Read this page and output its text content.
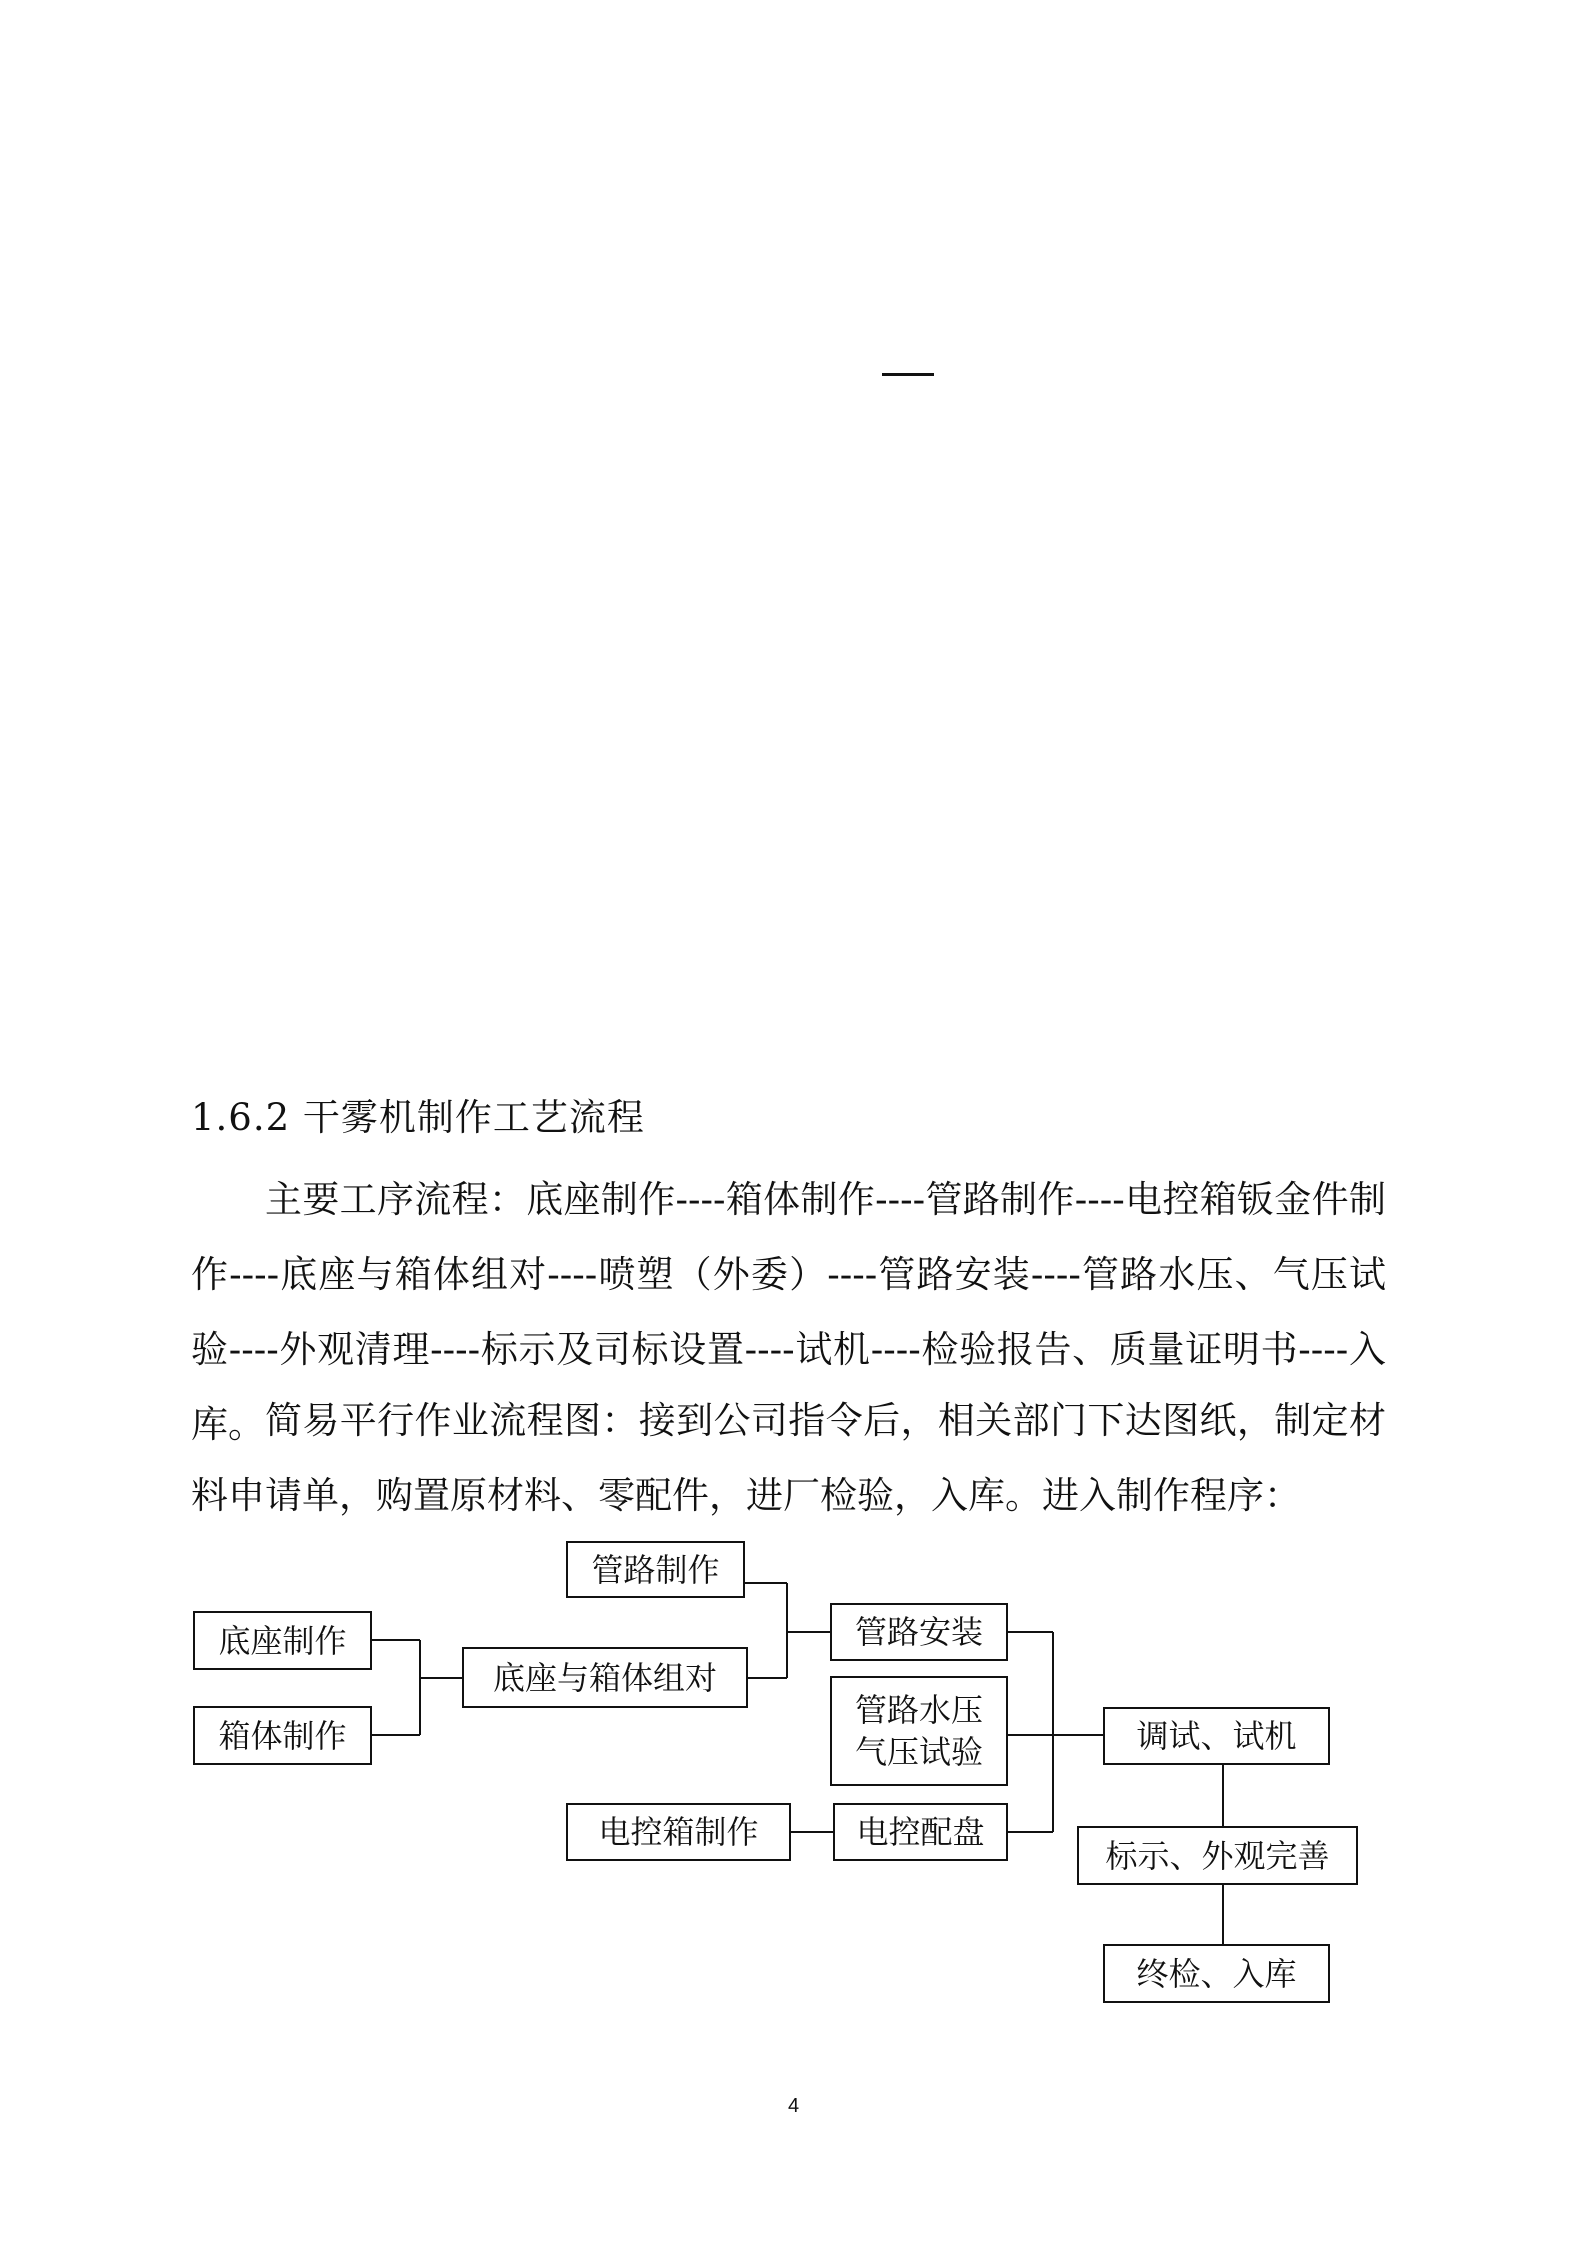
1.6.2 干雾机制作工艺流程

主要工序流程：底座制作----箱体制作----管路制作----电控箱钣金件制作----底座与箱体组对----喷塑（外委）----管路安装----管路水压、气压试验----外观清理----标示及司标设置----试机----检验报告、质量证明书----入库。 简易平行作业流程图：接到公司指令后，相关部门下达图纸，制定材料申请单，购置原材料、零配件，进厂检验，入库。进入制作程序：

底座制作
箱体制作
底座与箱体组对
管路制作
管路安装
管路水压
气压试验
电控箱制作	电控配盘
调试、试机
标示、外观完善
终检、入库
4
